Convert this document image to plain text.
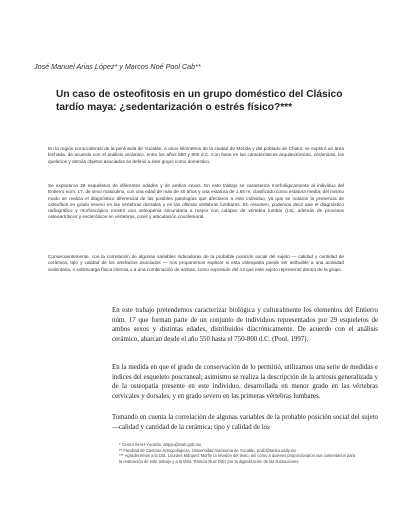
José Manuel Arias López* y Marcos Noé Pool Cab**
Un caso de osteofitosis en un grupo doméstico del Clásico tardío maya: ¿sedentarización o estrés físico?***

En la región noroccidental de la península de Yucatán, a unos kilómetros de la ciudad de Mérida y del poblado de Cholul, se exploró un área fechada, de acuerdo con el análisis cerámico, entre los años 550 y 800 d.C. Con base en las características arquitectónicas, cerámicas, los quelerios y demás objetos asociados se definió a éste grupo como doméstico.

Se exploraron 28 esqueletos de diferentes edades y de ambos sexos. En este trabajo se caracteriza morfológicamente al individuo del Entierro núm. 17, de sexo masculino, con una edad de más de 40 años y una estatura de 1.65 m, clasificado como estatura media; del mismo modo se realiza el diagnóstico diferencial de las posibles patologías que afectaron a este individuo, ya que se notaron la presencia de osteofitos en grado severo en las vértebras dorsales y en las últimas vértebras lumbares. En resumen, podemos decir que el diagnóstico radiográfico y morfoscópico mostró una osteopenia secundaria a mayor con colapso de vértebra lumbar (L5), además de procesos osteoartríticos y escleróticos en vértebras, coxis y articulación coxofemoral.

Consecuentemente, con la correlación de algunas variables indicadoras de la probable posición social del sujeto — calidad y cantidad de cerámica, tipo y calidad de los artefactos asociados — nos proponemos explicar si esta osteopatía puede ser atribuible a una actividad sedentaria, o sobrecarga física intensa o a una combinación de ambas, como expresión del rol que este sujeto representó dentro de la grupo.

En este trabajo pretendemos caracterizar biológica y culturalmente los elementos del Entierro núm. 17 que forman parte de un conjunto de individuos representados por 29 esqueletos de ambos sexos y distintas edades, distribuidos diacrónicamente. De acuerdo con el análisis cerámico, abarcan desde el año 550 hasta el 750-800 d.C. (Pool, 1997).

En la medida en que el grado de conservación de lo permitió, utilizamos una serie de medidas e índices del esqueleto poscraneal; asimismo se realiza la descripción de la artrosis generalizada y de la osteopatía presente en este individuo, desarrollada en menor grado en las vértebras cervicales y dorsales, y en grado severo en las primeras vértebras lumbares.

Tomando en cuenta la correlación de algunas variables de la probable posición social del sujeto —calidad y cantidad de la cerámica; tipo y calidad de los

* Centro INAH-Yucatán, ahpyu@inah.gob.mx

** Facultad de Ciencias Antropológicas, Universidad Autónoma de Yucatán, pcab@tunku.uady.mx

*** Agradecemos a la Dra. Lourdes Márquez Morfín la revisión del texto, así como a quienes proporcionaron sus comentarios para la realización de este trabajo y a la Mtra. Patricia Ruiz Ortiz por la digitalización de las ilustraciones.
